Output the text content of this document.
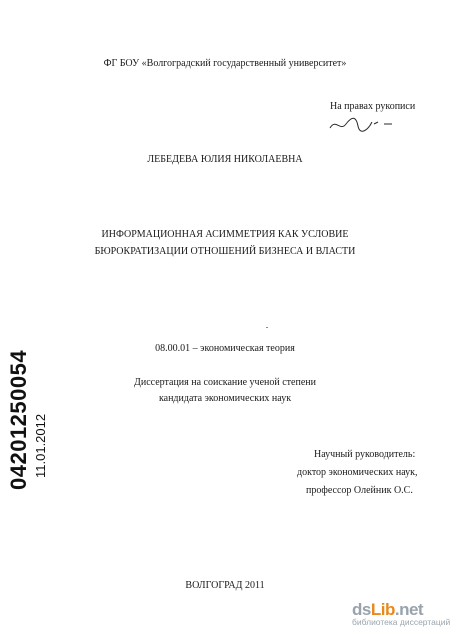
ФГ БОУ «Волгоградский государственный университет»
На правах рукописи
ЛЕБЕДЕВА ЮЛИЯ НИКОЛАЕВНА
ИНФОРМАЦИОННАЯ АСИММЕТРИЯ КАК УСЛОВИЕ
БЮРОКРАТИЗАЦИИ ОТНОШЕНИЙ БИЗНЕСА И ВЛАСТИ
08.00.01 – экономическая теория
Диссертация на соискание ученой степени
кандидата экономических наук
Научный руководитель:
доктор экономических наук,
профессор Олейник О.С.
ВОЛГОГРАД 2011
04201250054 11.01.2012
dsLib.net
библиотека диссертаций
